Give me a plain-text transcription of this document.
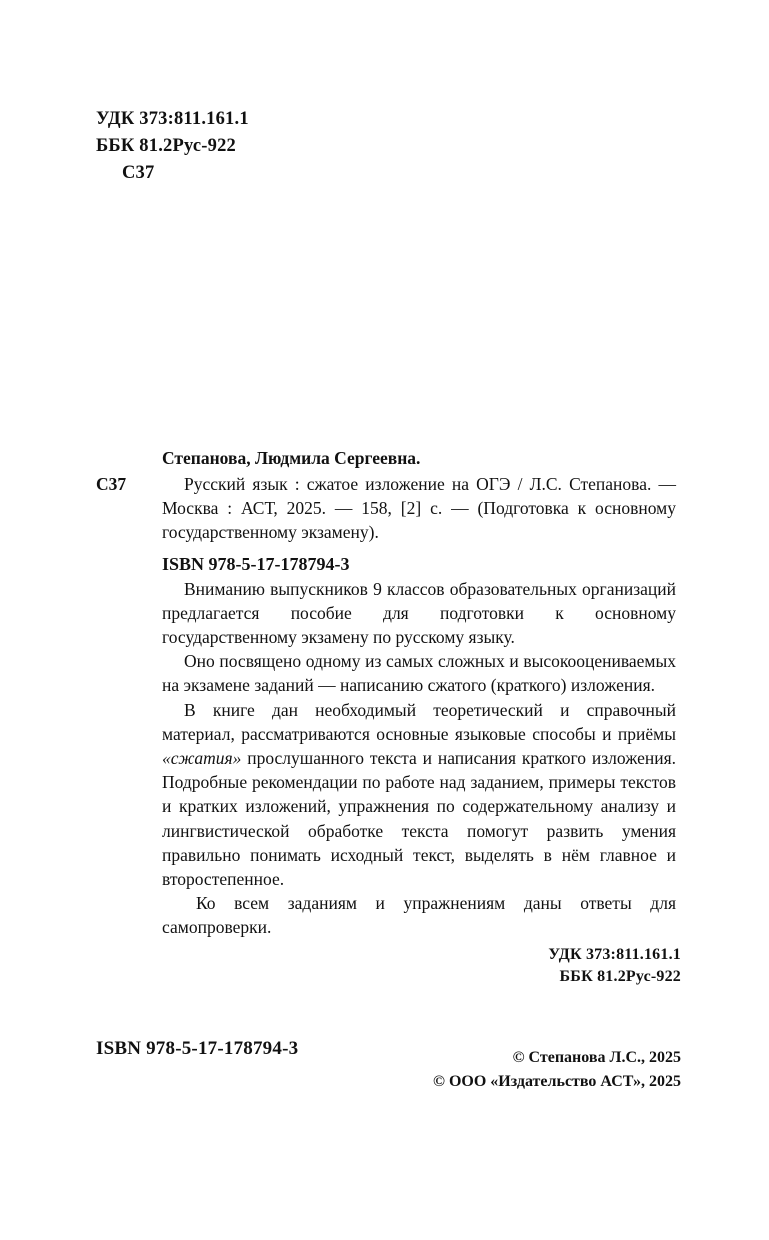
УДК 373:811.161.1
ББК 81.2Рус-922
С37
Степанова, Людмила Сергеевна.
С37	Русский язык : сжатое изложение на ОГЭ / Л.С. Степанова. — Москва : АСТ, 2025. — 158, [2] с. — (Подготовка к основному государственному экзамену).
ISBN 978-5-17-178794-3

Вниманию выпускников 9 классов образовательных организаций предлагается пособие для подготовки к основному государственному экзамену по русскому языку.

Оно посвящено одному из самых сложных и высокооцениваемых на экзамене заданий — написанию сжатого (краткого) изложения.

В книге дан необходимый теоретический и справочный материал, рассматриваются основные языковые способы и приёмы «сжатия» прослушанного текста и написания краткого изложения. Подробные рекомендации по работе над заданием, примеры текстов и кратких изложений, упражнения по содержательному анализу и лингвистической обработке текста помогут развить умения правильно понимать исходный текст, выделять в нём главное и второстепенное.

Ко всем заданиям и упражнениям даны ответы для самопроверки.

УДК 373:811.161.1
ББК 81.2Рус-922
ISBN 978-5-17-178794-3	© Степанова Л.С., 2025
© ООО «Издательство АСТ», 2025
